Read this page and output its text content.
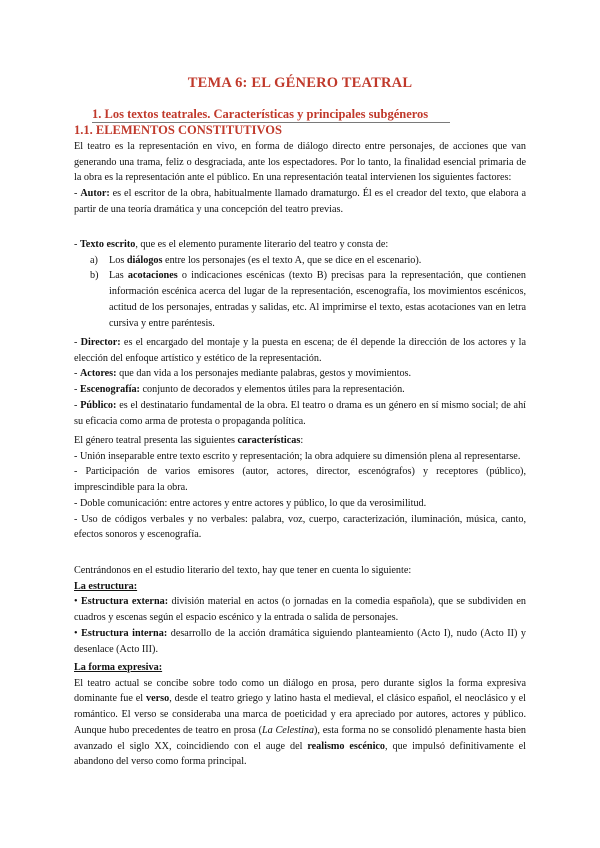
TEMA 6: EL GÉNERO TEATRAL
1. Los textos teatrales. Características y principales subgéneros
1.1. ELEMENTOS CONSTITUTIVOS

El teatro es la representación en vivo, en forma de diálogo directo entre personajes, de acciones que van generando una trama, feliz o desgraciada, ante los espectadores. Por lo tanto, la finalidad esencial primaria de la obra es la representación ante el público. En una representación teatal intervienen los siguientes factores:

- Autor: es el escritor de la obra, habitualmente llamado dramaturgo. Él es el creador del texto, que elabora a partir de una teoría dramática y una concepción del teatro previas.

- Texto escrito, que es el elemento puramente literario del teatro y consta de:

a) Los diálogos entre los personajes (es el texto A, que se dice en el escenario).

b) Las acotaciones o indicaciones escénicas (texto B) precisas para la representación, que contienen información escénica acerca del lugar de la representación, escenografía, los movimientos escénicos, actitud de los personajes, entradas y salidas, etc. Al imprimirse el texto, estas acotaciones van en letra cursiva y entre paréntesis.

- Director: es el encargado del montaje y la puesta en escena; de él depende la dirección de los actores y la elección del enfoque artístico y estético de la representación.

- Actores: que dan vida a los personajes mediante palabras, gestos y movimientos.

- Escenografía: conjunto de decorados y elementos útiles para la representación.

- Público: es el destinatario fundamental de la obra. El teatro o drama es un género en sí mismo social; de ahí su eficacia como arma de protesta o propaganda política.

El género teatral presenta las siguientes características:

- Unión inseparable entre texto escrito y representación; la obra adquiere su dimensión plena al representarse.

- Participación de varios emisores (autor, actores, director, escenógrafos) y receptores (público), imprescindible para la obra.

- Doble comunicación: entre actores y entre actores y público, lo que da verosimilitud.

- Uso de códigos verbales y no verbales: palabra, voz, cuerpo, caracterización, iluminación, música, canto, efectos sonoros y escenografía.

Centrándonos en el estudio literario del texto, hay que tener en cuenta lo siguiente:

La estructura:

• Estructura externa: división material en actos (o jornadas en la comedia española), que se subdividen en cuadros y escenas según el espacio escénico y la entrada o salida de personajes.

• Estructura interna: desarrollo de la acción dramática siguiendo planteamiento (Acto I), nudo (Acto II) y desenlace (Acto III).

La forma expresiva:

El teatro actual se concibe sobre todo como un diálogo en prosa, pero durante siglos la forma expresiva dominante fue el verso, desde el teatro griego y latino hasta el medieval, el clásico español, el neoclásico y el romántico. El verso se consideraba una marca de poeticidad y era apreciado por autores, actores y público. Aunque hubo precedentes de teatro en prosa (La Celestina), esta forma no se consolidó plenamente hasta bien avanzado el siglo XX, coincidiendo con el auge del realismo escénico, que impulsó definitivamente el abandono del verso como forma principal.
